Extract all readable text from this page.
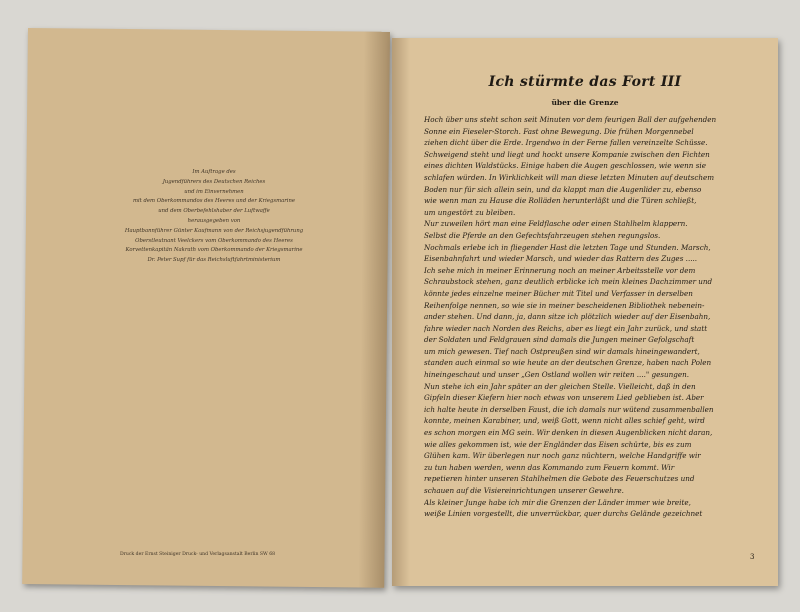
Im Auftrage des
Jugendführers des Deutschen Reiches
und im Einvernehmen
mit dem Oberkommandos des Heeres und der Kriegsmarine
und dem Oberbefehlshaber der Luftwaffe
herausgegeben von
Hauptbannführer Günter Kaufmann von der Reichsjugendführung
Oberstleutnant Veelckers vom Oberkommando des Heeres
Korvettenkapitän Nakrath vom Oberkommando der Kriegsmarine
Dr. Peter Supf für das Reichsluftfahrtministerium
Druck der Ernst Steiniger Druck- und Verlagsanstalt Berlin SW 68
Ich stürmte das Fort III
über die Grenze
Hoch über uns steht schon seit Minuten vor dem feurigen Ball der aufgehenden
Sonne ein Fieseler-Storch. Fast ohne Bewegung. Die frühen Morgennebel
ziehen dicht über die Erde. Irgendwo in der Ferne fallen vereinzelte Schüsse.
Schweigend steht und liegt und hockt unsere Kompanie zwischen den Fichten
eines dichten Waldstücks. Einige haben die Augen geschlossen, wie wenn sie
schlafen würden. In Wirklichkeit will man diese letzten Minuten auf deutschem
Boden nur für sich allein sein, und da klappt man die Augenlider zu, ebenso
wie wenn man zu Hause die Rolläden herunterläßt und die Türen schließt,
um ungestört zu bleiben.
Nur zuweilen hört man eine Feldflasche oder einen Stahlhelm klappern.
Selbst die Pferde an den Gefechtsfahrzeugen stehen regungslos.
Nochmals erlebe ich in fliegender Hast die letzten Tage und Stunden. Marsch,
Eisenbahnfahrt und wieder Marsch, und wieder das Rattern des Zuges .....
Ich sehe mich in meiner Erinnerung noch an meiner Arbeitsstelle vor dem
Schraubstock stehen, ganz deutlich erblicke ich mein kleines Dachzimmer und
könnte jedes einzelne meiner Bücher mit Titel und Verfasser in derselben
Reihenfolge nennen, so wie sie in meiner bescheidenen Bibliothek nebenein-
ander stehen. Und dann, ja, dann sitze ich plötzlich wieder auf der Eisenbahn,
fahre wieder nach Norden des Reichs, aber es liegt ein Jahr zurück, und statt
der Soldaten und Feldgrauen sind damals die Jungen meiner Gefolgschaft
um mich gewesen. Tief nach Ostpreußen sind wir damals hineingewandert,
standen auch einmal so wie heute an der deutschen Grenze, haben nach Polen
hineingeschaut und unser „Gen Ostland wollen wir reiten ...." gesungen.
Nun stehe ich ein Jahr später an der gleichen Stelle. Vielleicht, daß in den
Gipfeln dieser Kiefern hier noch etwas von unserem Lied geblieben ist. Aber
ich halte heute in derselben Faust, die ich damals nur wütend zusammenballen
konnte, meinen Karabiner, und, weiß Gott, wenn nicht alles schief geht, wird
es schon morgen ein MG sein. Wir denken in diesen Augenblicken nicht daran,
wie alles gekommen ist, wie der Engländer das Eisen schürte, bis es zum
Glühen kam. Wir überlegen nur noch ganz nüchtern, welche Handgriffe wir
zu tun haben werden, wenn das Kommando zum Feuern kommt. Wir
repetieren hinter unseren Stahlhelmen die Gebote des Feuerschutzes und
schauen auf die Visiereinrichtungen unserer Gewehre.
Als kleiner Junge habe ich mir die Grenzen der Länder immer wie breite,
weiße Linien vorgestellt, die unverrückbar, quer durchs Gelände gezeichnet
3
